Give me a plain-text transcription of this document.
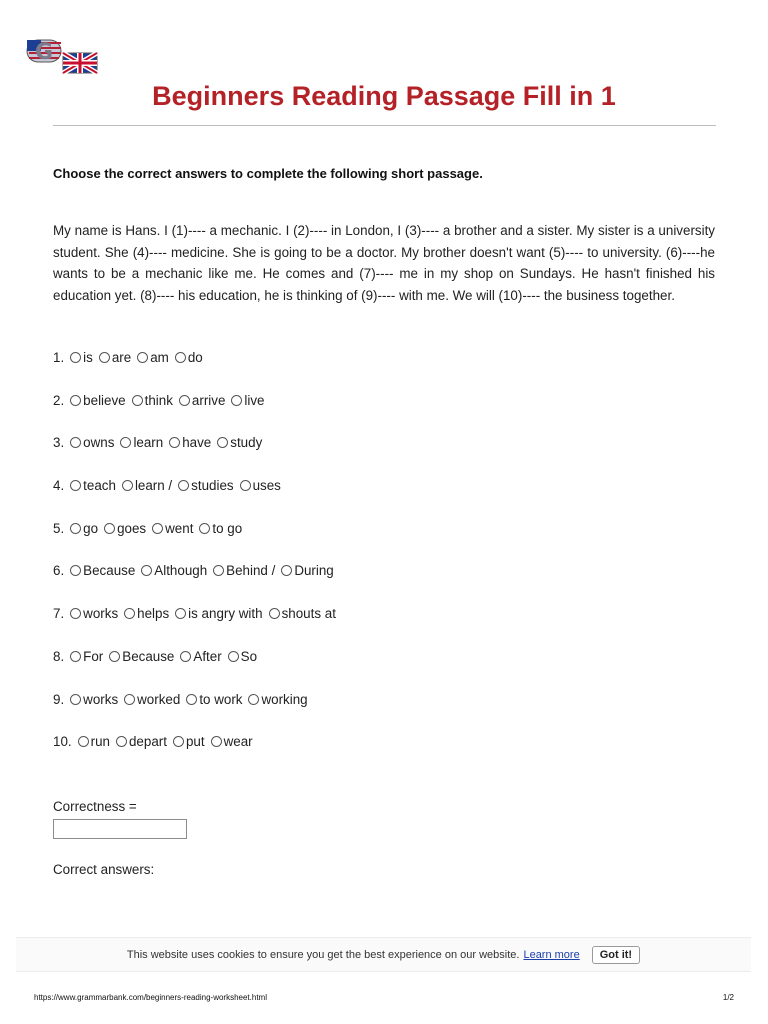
G
Beginners Reading Passage Fill in 1
Choose the correct answers to complete the following short passage.
My name is Hans. I (1)---- a mechanic. I (2)---- in London, I (3)---- a brother and a sister. My sister is a university student. She (4)---- medicine. She is going to be a doctor. My brother doesn't want (5)---- to university. (6)----he wants to be a mechanic like me. He comes and (7)---- me in my shop on Sundays. He hasn't finished his education yet. (8)---- his education, he is thinking of (9)---- with me. We will (10)---- the business together.
1. is are am do
2. believe think arrive live
3. owns learn have study
4. teach learn / studies uses
5. go goes went to go
6. Because Although Behind / During
7. works helps is angry with shouts at
8. For Because After So
9. works worked to work working
10. run depart put wear
Correctness =
Correct answers:
This website uses cookies to ensure you get the best experience on our website. Learn more	Got it!
https://www.grammarbank.com/beginners-reading-worksheet.html	1/2
